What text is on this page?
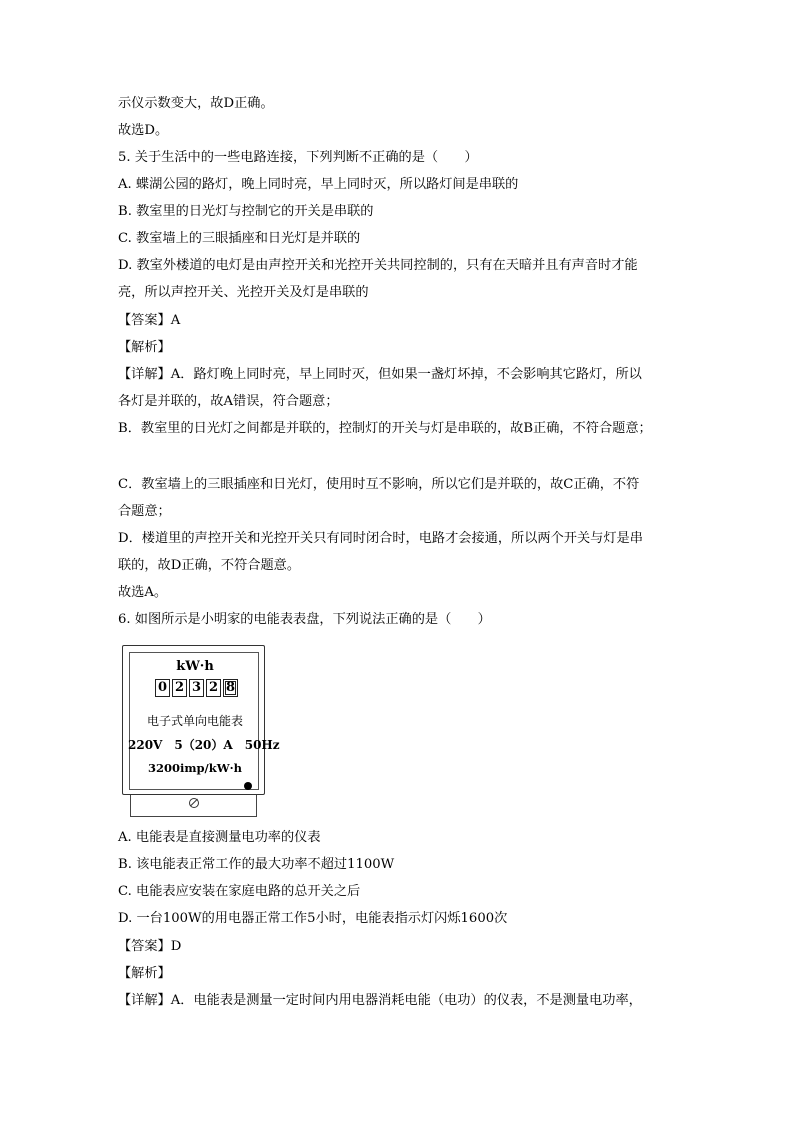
示仪示数变大，故D正确。
故选D。
5. 关于生活中的一些电路连接，下列判断不正确的是（　　）
A. 蝶湖公园的路灯，晚上同时亮，早上同时灭，所以路灯间是串联的
B. 教室里的日光灯与控制它的开关是串联的
C. 教室墙上的三眼插座和日光灯是并联的
D. 教室外楼道的电灯是由声控开关和光控开关共同控制的，只有在天暗并且有声音时才能
亮，所以声控开关、光控开关及灯是串联的
【答案】A
【解析】
【详解】A．路灯晚上同时亮，早上同时灭，但如果一盏灯坏掉，不会影响其它路灯，所以
各灯是并联的，故A错误，符合题意；
B．教室里的日光灯之间都是并联的，控制灯的开关与灯是串联的，故B正确，不符合题意；
C．教室墙上的三眼插座和日光灯，使用时互不影响，所以它们是并联的，故C正确，不符
合题意；
D．楼道里的声控开关和光控开关只有同时闭合时，电路才会接通，所以两个开关与灯是串
联的，故D正确，不符合题意。
故选A。
6. 如图所示是小明家的电能表表盘，下列说法正确的是（　　）
kW·h
0 2 3 2 8
电子式单向电能表
220V　5（20）A　50Hz
3200imp/kW·h
A. 电能表是直接测量电功率的仪表
B. 该电能表正常工作的最大功率不超过1100W
C. 电能表应安装在家庭电路的总开关之后
D. 一台100W的用电器正常工作5小时，电能表指示灯闪烁1600次
【答案】D
【解析】
【详解】A．电能表是测量一定时间内用电器消耗电能（电功）的仪表，不是测量电功率，
